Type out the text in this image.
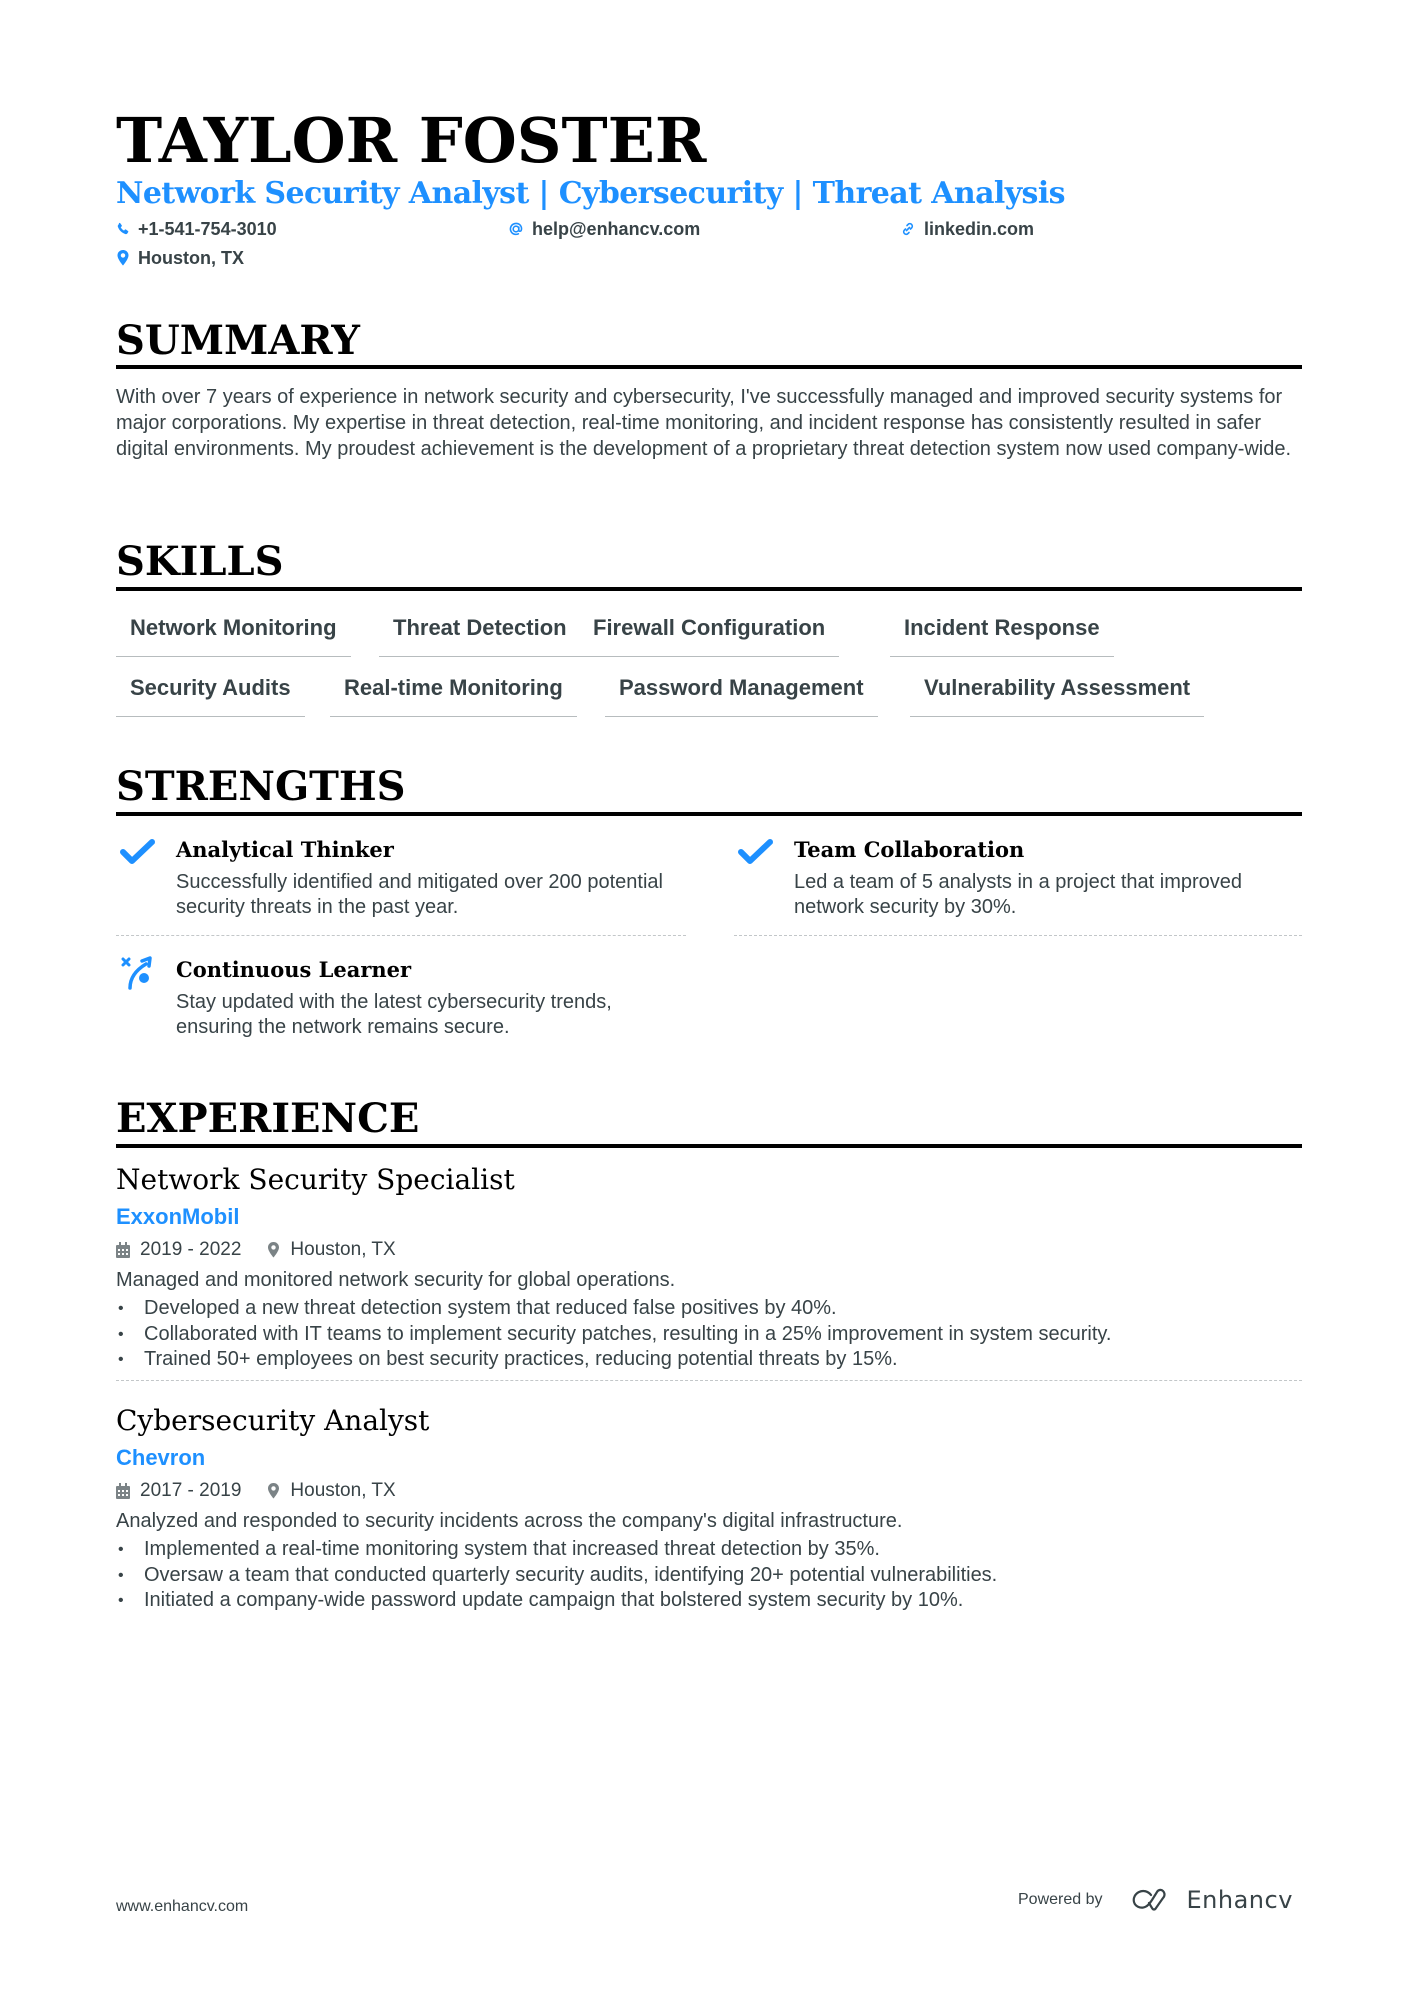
TAYLOR FOSTER
Network Security Analyst | Cybersecurity | Threat Analysis
+1-541-754-3010	help@enhancv.com	linkedin.com
Houston, TX
SUMMARY
With over 7 years of experience in network security and cybersecurity, I've successfully managed and improved security systems for major corporations. My expertise in threat detection, real-time monitoring, and incident response has consistently resulted in safer digital environments. My proudest achievement is the development of a proprietary threat detection system now used company-wide.
SKILLS
Network Monitoring	Threat Detection	Firewall Configuration	Incident Response
Security Audits	Real-time Monitoring	Password Management	Vulnerability Assessment
STRENGTHS
Analytical Thinker
Successfully identified and mitigated over 200 potential security threats in the past year.
Team Collaboration
Led a team of 5 analysts in a project that improved network security by 30%.
Continuous Learner
Stay updated with the latest cybersecurity trends, ensuring the network remains secure.
EXPERIENCE
Network Security Specialist
ExxonMobil
2019 - 2022	Houston, TX
Managed and monitored network security for global operations.
• Developed a new threat detection system that reduced false positives by 40%.
• Collaborated with IT teams to implement security patches, resulting in a 25% improvement in system security.
• Trained 50+ employees on best security practices, reducing potential threats by 15%.
Cybersecurity Analyst
Chevron
2017 - 2019	Houston, TX
Analyzed and responded to security incidents across the company's digital infrastructure.
• Implemented a real-time monitoring system that increased threat detection by 35%.
• Oversaw a team that conducted quarterly security audits, identifying 20+ potential vulnerabilities.
• Initiated a company-wide password update campaign that bolstered system security by 10%.
www.enhancv.com	Powered by	Enhancv
